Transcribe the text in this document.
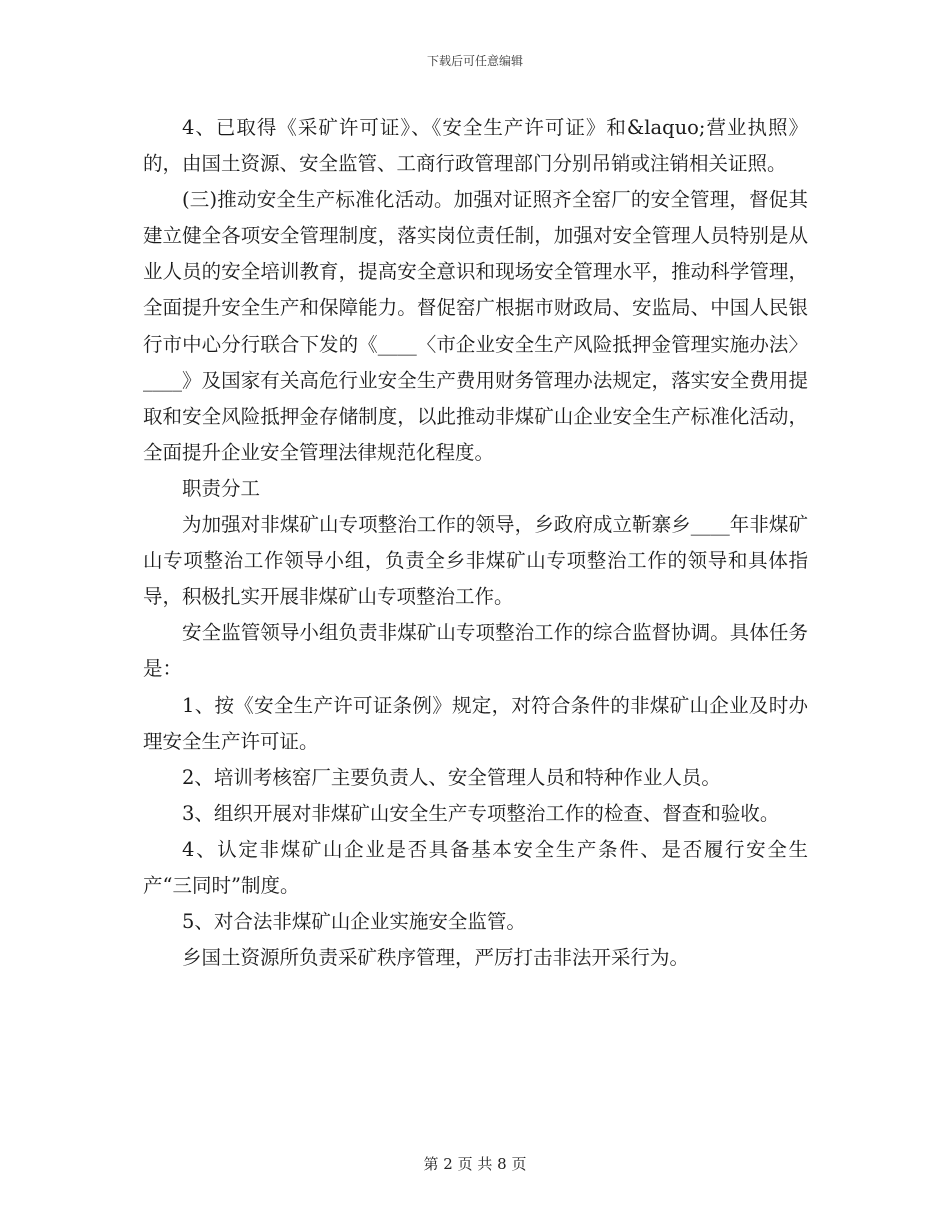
下载后可任意编辑

4、已取得《采矿许可证》、《安全生产许可证》和&laquo;营业执照》的，由国土资源、安全监管、工商行政管理部门分别吊销或注销相关证照。

(三)推动安全生产标准化活动。加强对证照齐全窑厂的安全管理，督促其建立健全各项安全管理制度，落实岗位责任制，加强对安全管理人员特别是从业人员的安全培训教育，提高安全意识和现场安全管理水平，推动科学管理，全面提升安全生产和保障能力。督促窑广根据市财政局、安监局、中国人民银行市中心分行联合下发的《____〈市企业安全生产风险抵押金管理实施办法〉____》及国家有关高危行业安全生产费用财务管理办法规定，落实安全费用提取和安全风险抵押金存储制度，以此推动非煤矿山企业安全生产标准化活动，全面提升企业安全管理法律规范化程度。

职责分工

为加强对非煤矿山专项整治工作的领导，乡政府成立靳寨乡____年非煤矿山专项整治工作领导小组，负责全乡非煤矿山专项整治工作的领导和具体指导，积极扎实开展非煤矿山专项整治工作。

安全监管领导小组负责非煤矿山专项整治工作的综合监督协调。具体任务是：

1、按《安全生产许可证条例》规定，对符合条件的非煤矿山企业及时办理安全生产许可证。

2、培训考核窑厂主要负责人、安全管理人员和特种作业人员。

3、组织开展对非煤矿山安全生产专项整治工作的检查、督查和验收。

4、认定非煤矿山企业是否具备基本安全生产条件、是否履行安全生产“三同时”制度。

5、对合法非煤矿山企业实施安全监管。

乡国土资源所负责采矿秩序管理，严厉打击非法开采行为。

第 2 页 共 8 页
